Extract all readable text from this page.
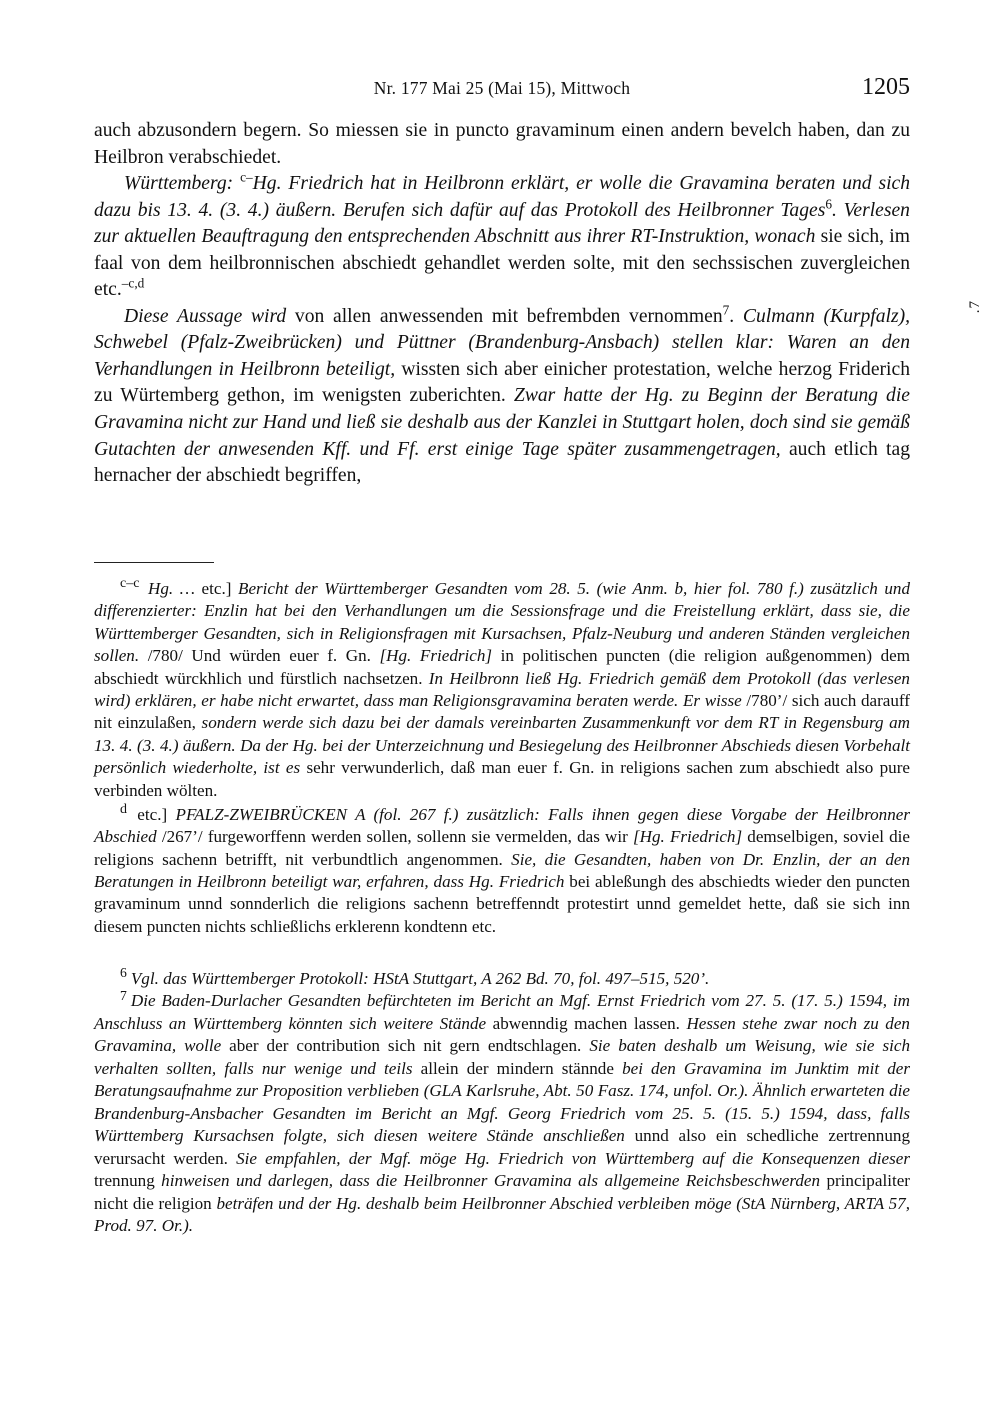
Nr. 177 Mai 25 (Mai 15), Mittwoch	1205
.7

auch abzusondern begern. So miessen sie in puncto gravaminum einen andern bevelch haben, dan zu Heilbron verabschiedet.

Württemberg: $^{c-}$Hg. Friedrich hat in Heilbronn erklärt, er wolle die Gravamina beraten und sich dazu bis 13. 4. (3. 4.) äußern. Berufen sich dafür auf das Protokoll des Heilbronner Tages$^6$. Verlesen zur aktuellen Beauftragung den entsprechenden Abschnitt aus ihrer RT-Instruktion, wonach sie sich, im faal von dem heilbronnischen abschiedt gehandlet werden solte, mit den sechssischen zuvergleichen etc.$^{-c,d}$

Diese Aussage wird von allen anwessenden mit befrembden vernommen$^7$. Culmann (Kurpfalz), Schwebel (Pfalz-Zweibrücken) und Püttner (Brandenburg-Ansbach) stellen klar: Waren an den Verhandlungen in Heilbronn beteiligt, wissten sich aber einicher protestation, welche herzog Friderich zu Würtemberg gethon, im wenigsten zuberichten. Zwar hatte der Hg. zu Beginn der Beratung die Gravamina nicht zur Hand und ließ sie deshalb aus der Kanzlei in Stuttgart holen, doch sind sie gemäß Gutachten der anwesenden Kff. und Ff. erst einige Tage später zusammengetragen, auch etlich tag hernacher der abschiedt begriffen,

$^{c-c}$ Hg. … etc.] Bericht der Württemberger Gesandten vom 28. 5. (wie Anm. b, hier fol. 780 f.) zusätzlich und differenzierter: Enzlin hat bei den Verhandlungen um die Sessionsfrage und die Freistellung erklärt, dass sie, die Württemberger Gesandten, sich in Religionsfragen mit Kursachsen, Pfalz-Neuburg und anderen Ständen vergleichen sollen. /780/ Und würden euer f. Gn. [Hg. Friedrich] in politischen puncten (die religion außgenommen) dem abschiedt würckhlich und fürstlich nachsetzen. In Heilbronn ließ Hg. Friedrich gemäß dem Protokoll (das verlesen wird) erklären, er habe nicht erwartet, dass man Religionsgravamina beraten werde. Er wisse /780’/ sich auch darauff nit einzulaßen, sondern werde sich dazu bei der damals vereinbarten Zusammenkunft vor dem RT in Regensburg am 13. 4. (3. 4.) äußern. Da der Hg. bei der Unterzeichnung und Besiegelung des Heilbronner Abschieds diesen Vorbehalt persönlich wiederholte, ist es sehr verwunderlich, daß man euer f. Gn. in religions sachen zum abschiedt also pure verbinden wölten.

$^d$ etc.] PFALZ-ZWEIBRÜCKEN A (fol. 267 f.) zusätzlich: Falls ihnen gegen diese Vorgabe der Heilbronner Abschied /267’/ furgeworffenn werden sollen, sollenn sie vermelden, das wir [Hg. Friedrich] demselbigen, soviel die religions sachenn betrifft, nit verbundtlich angenommen. Sie, die Gesandten, haben von Dr. Enzlin, der an den Beratungen in Heilbronn beteiligt war, erfahren, dass Hg. Friedrich bei ableßungh des abschiedts wieder den puncten gravaminum unnd sonnderlich die religions sachenn betreffenndt protestirt unnd gemeldet hette, daß sie sich inn diesem puncten nichts schließlichs erklerenn kondtenn etc.

$^6$ Vgl. das Württemberger Protokoll: HStA Stuttgart, A 262 Bd. 70, fol. 497–515, 520’.

$^7$ Die Baden-Durlacher Gesandten befürchteten im Bericht an Mgf. Ernst Friedrich vom 27. 5. (17. 5.) 1594, im Anschluss an Württemberg könnten sich weitere Stände abwenndig machen lassen. Hessen stehe zwar noch zu den Gravamina, wolle aber der contribution sich nit gern endtschlagen. Sie baten deshalb um Weisung, wie sie sich verhalten sollten, falls nur wenige und teils allein der mindern stännde bei den Gravamina im Junktim mit der Beratungsaufnahme zur Proposition verblieben (GLA Karlsruhe, Abt. 50 Fasz. 174, unfol. Or.). Ähnlich erwarteten die Brandenburg-Ansbacher Gesandten im Bericht an Mgf. Georg Friedrich vom 25. 5. (15. 5.) 1594, dass, falls Württemberg Kursachsen folgte, sich diesen weitere Stände anschließen unnd also ein schedliche zertrennung verursacht werden. Sie empfahlen, der Mgf. möge Hg. Friedrich von Württemberg auf die Konsequenzen dieser trennung hinweisen und darlegen, dass die Heilbronner Gravamina als allgemeine Reichsbeschwerden principaliter nicht die religion beträfen und der Hg. deshalb beim Heilbronner Abschied verbleiben möge (StA Nürnberg, ARTA 57, Prod. 97. Or.).
